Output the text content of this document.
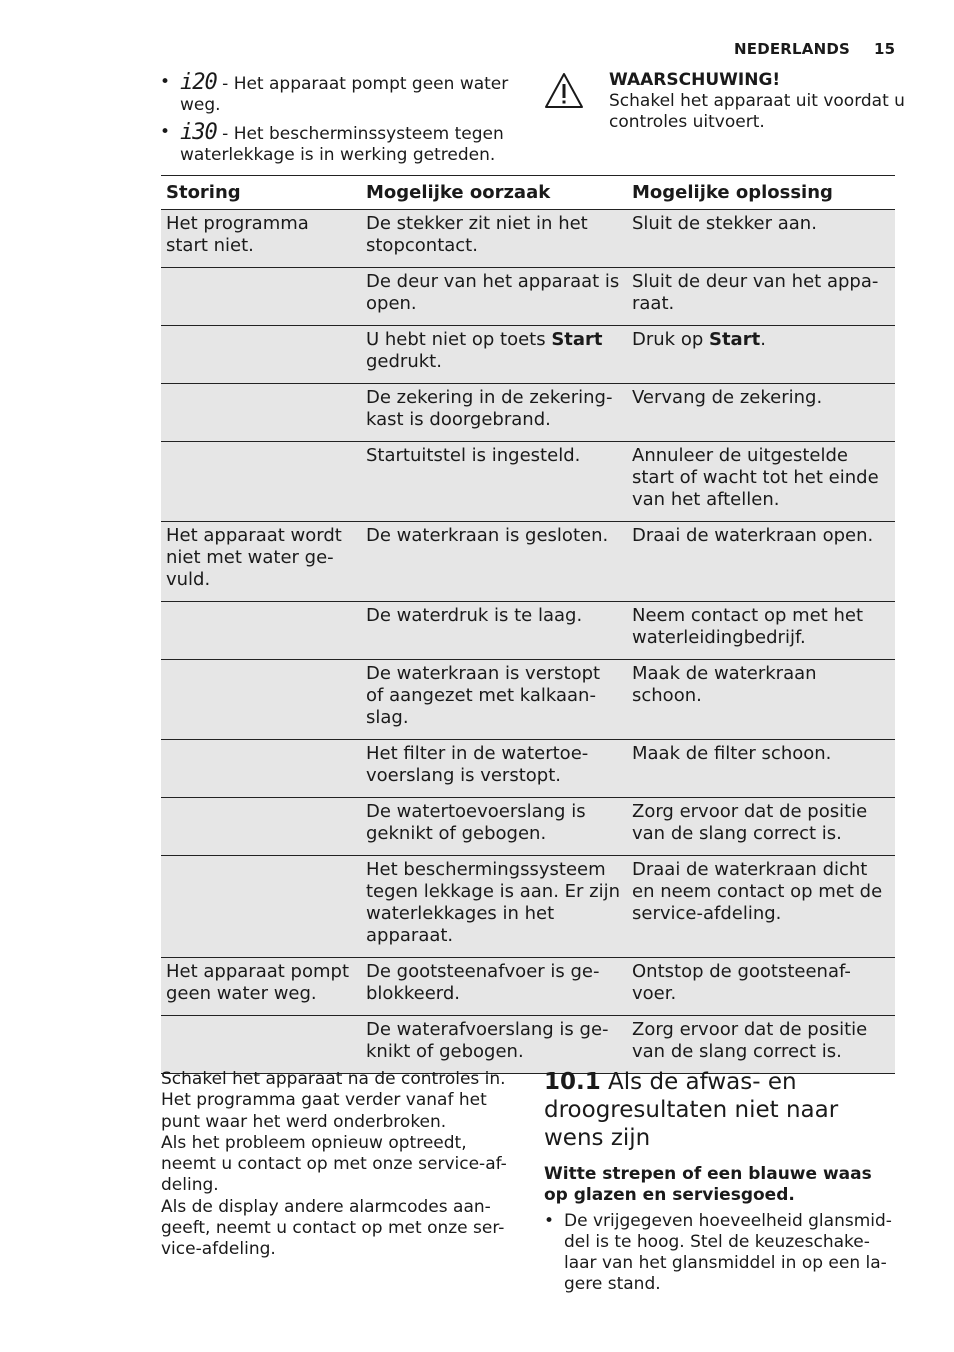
NEDERLANDS 15
• i20 - Het apparaat pompt geen water weg.
• i30 - Het bescherminssysteem tegen waterlekkage is in werking getreden.
WAARSCHUWING!
Schakel het apparaat uit voordat u controles uitvoert.
Storing	Mogelijke oorzaak	Mogelijke oplossing
Het programma start niet.	De stekker zit niet in het stopcontact.	Sluit de stekker aan.
	De deur van het apparaat is open.	Sluit de deur van het appa-raat.
	U hebt niet op toets Start gedrukt.	Druk op Start.
	De zekering in de zekering-kast is doorgebrand.	Vervang de zekering.
	Startuitstel is ingesteld.	Annuleer de uitgestelde start of wacht tot het einde van het aftellen.
Het apparaat wordt niet met water ge-vuld.	De waterkraan is gesloten.	Draai de waterkraan open.
	De waterdruk is te laag.	Neem contact op met het waterleidingbedrijf.
	De waterkraan is verstopt of aangezet met kalkaan-slag.	Maak de waterkraan schoon.
	Het filter in de watertoe-voerslang is verstopt.	Maak de filter schoon.
	De watertoevoerslang is geknikt of gebogen.	Zorg ervoor dat de positie van de slang correct is.
	Het beschermingssysteem tegen lekkage is aan. Er zijn waterlekkages in het apparaat.	Draai de waterkraan dicht en neem contact op met de service-afdeling.
Het apparaat pompt geen water weg.	De gootsteenafvoer is ge-blokkeerd.	Ontstop de gootsteenaf-voer.
	De waterafvoerslang is ge-knikt of gebogen.	Zorg ervoor dat de positie van de slang correct is.
Schakel het apparaat na de controles in.
Het programma gaat verder vanaf het
punt waar het werd onderbroken.
Als het probleem opnieuw optreedt,
neemt u contact op met onze service-af-
deling.
Als de display andere alarmcodes aan-
geeft, neemt u contact op met onze ser-
vice-afdeling.
10.1 Als de afwas- en droogresultaten niet naar wens zijn
Witte strepen of een blauwe waas op glazen en serviesgoed.
• De vrijgegeven hoeveelheid glansmid-del is te hoog. Stel de keuzeschake-laar van het glansmiddel in op een la-gere stand.
